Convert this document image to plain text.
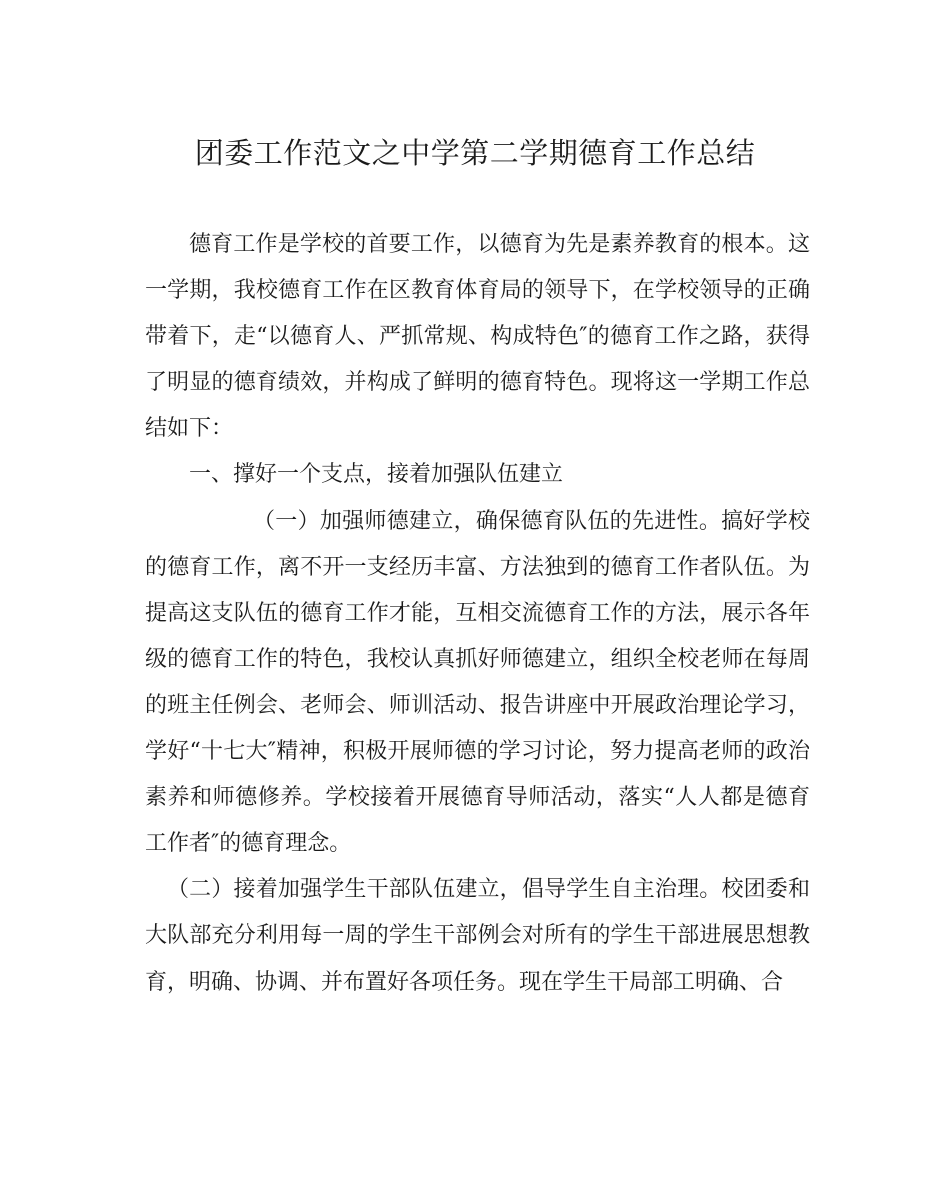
团委工作范文之中学第二学期德育工作总结

德育工作是学校的首要工作，以德育为先是素养教育的根本。这一学期，我校德育工作在区教育体育局的领导下，在学校领导的正确带着下，走“以德育人、严抓常规、构成特色″的德育工作之路，获得了明显的德育绩效，并构成了鲜明的德育特色。现将这一学期工作总结如下：

一、撑好一个支点，接着加强队伍建立

（一）加强师德建立，确保德育队伍的先进性。搞好学校的德育工作，离不开一支经历丰富、方法独到的德育工作者队伍。为提高这支队伍的德育工作才能，互相交流德育工作的方法，展示各年级的德育工作的特色，我校认真抓好师德建立，组织全校老师在每周的班主任例会、老师会、师训活动、报告讲座中开展政治理论学习，学好“十七大″精神，积极开展师德的学习讨论，努力提高老师的政治素养和师德修养。学校接着开展德育导师活动，落实“人人都是德育工作者″的德育理念。

（二）接着加强学生干部队伍建立，倡导学生自主治理。校团委和大队部充分利用每一周的学生干部例会对所有的学生干部进展思想教育，明确、协调、并布置好各项任务。现在学生干局部工明确、合
